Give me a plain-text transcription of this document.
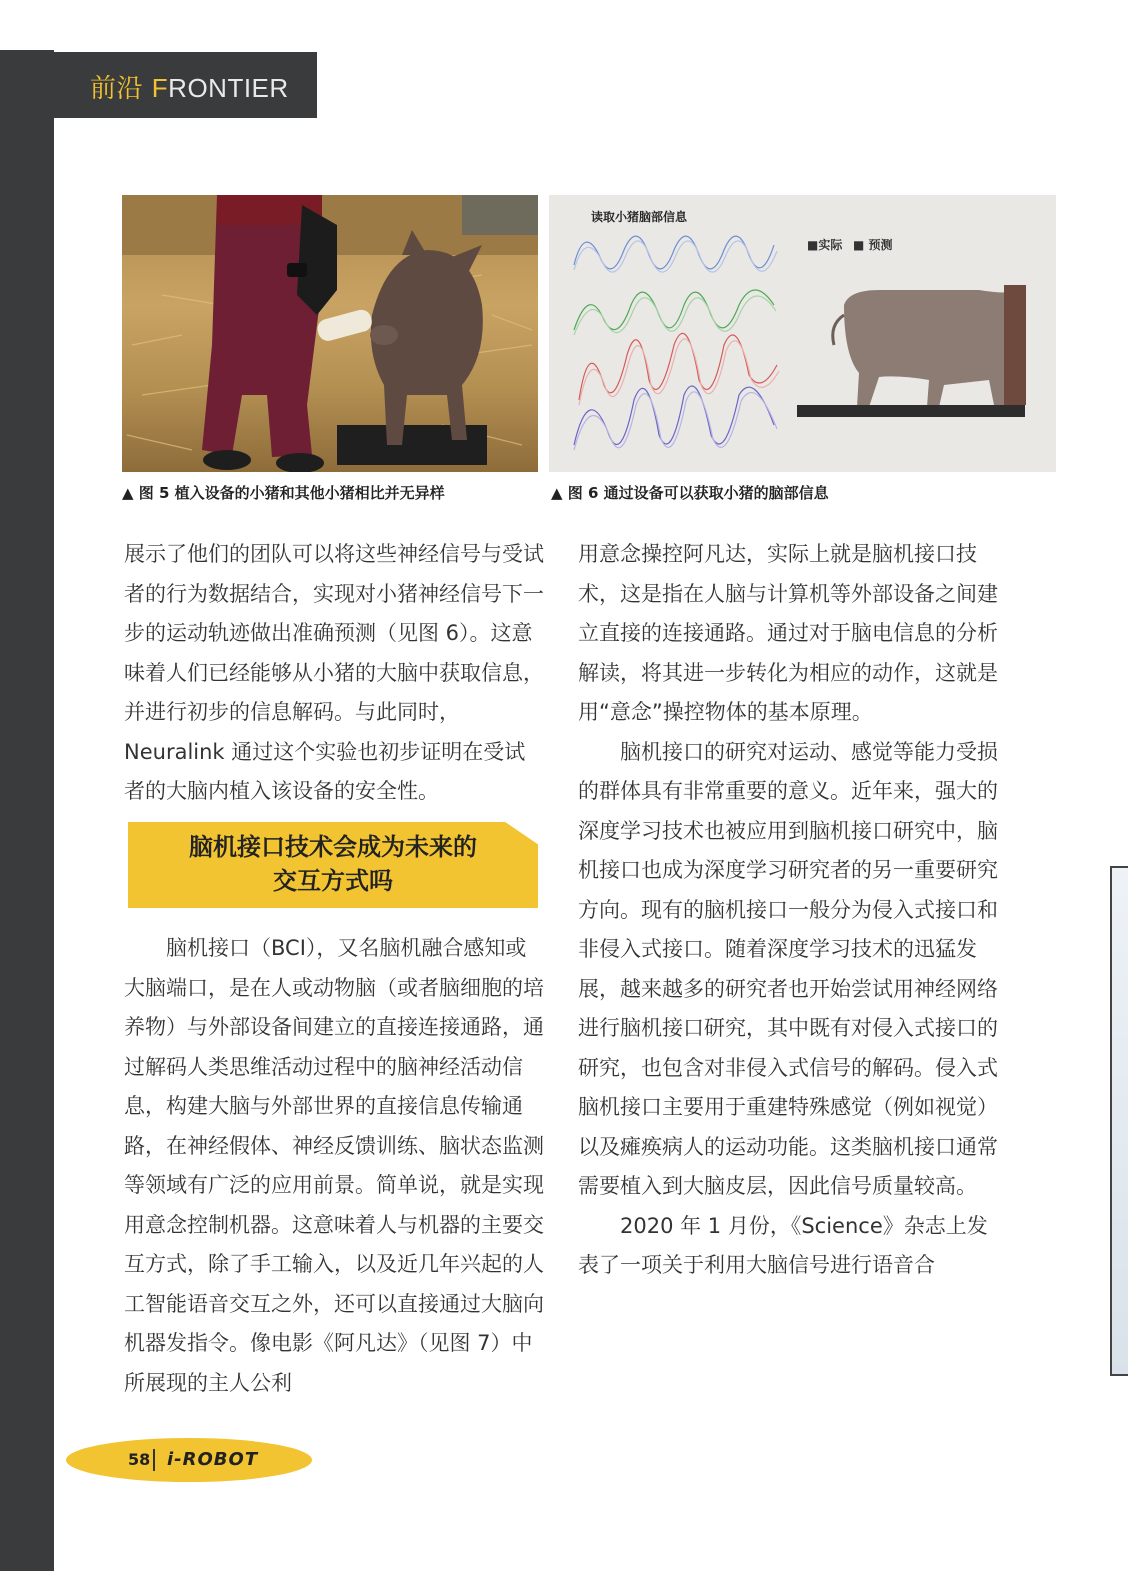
前沿 FRONTIER
读取小猪脑部信息
■实际 ■ 预测
▲ 图 5 植入设备的小猪和其他小猪相比并无异样	▲ 图 6 通过设备可以获取小猪的脑部信息

展示了他们的团队可以将这些神经信号与受试者的行为数据结合，实现对小猪神经信号下一步的运动轨迹做出准确预测（见图 6）。这意味着人们已经能够从小猪的大脑中获取信息，并进行初步的信息解码。与此同时，Neuralink 通过这个实验也初步证明在受试者的大脑内植入该设备的安全性。

脑机接口技术会成为未来的
交互方式吗

脑机接口（BCI），又名脑机融合感知或大脑端口，是在人或动物脑（或者脑细胞的培养物）与外部设备间建立的直接连接通路，通过解码人类思维活动过程中的脑神经活动信息，构建大脑与外部世界的直接信息传输通路，在神经假体、神经反馈训练、脑状态监测等领域有广泛的应用前景。简单说，就是实现用意念控制机器。这意味着人与机器的主要交互方式，除了手工输入，以及近几年兴起的人工智能语音交互之外，还可以直接通过大脑向机器发指令。像电影《阿凡达》（见图 7）中所展现的主人公利

用意念操控阿凡达，实际上就是脑机接口技术，这是指在人脑与计算机等外部设备之间建立直接的连接通路。通过对于脑电信息的分析解读，将其进一步转化为相应的动作，这就是用“意念”操控物体的基本原理。

脑机接口的研究对运动、感觉等能力受损的群体具有非常重要的意义。近年来，强大的深度学习技术也被应用到脑机接口研究中，脑机接口也成为深度学习研究者的另一重要研究方向。现有的脑机接口一般分为侵入式接口和非侵入式接口。随着深度学习技术的迅猛发展，越来越多的研究者也开始尝试用神经网络进行脑机接口研究，其中既有对侵入式接口的研究，也包含对非侵入式信号的解码。侵入式脑机接口主要用于重建特殊感觉（例如视觉）以及瘫痪病人的运动功能。这类脑机接口通常需要植入到大脑皮层，因此信号质量较高。

2020 年 1 月份，《Science》杂志上发表了一项关于利用大脑信号进行语音合

58 i-ROBOT
